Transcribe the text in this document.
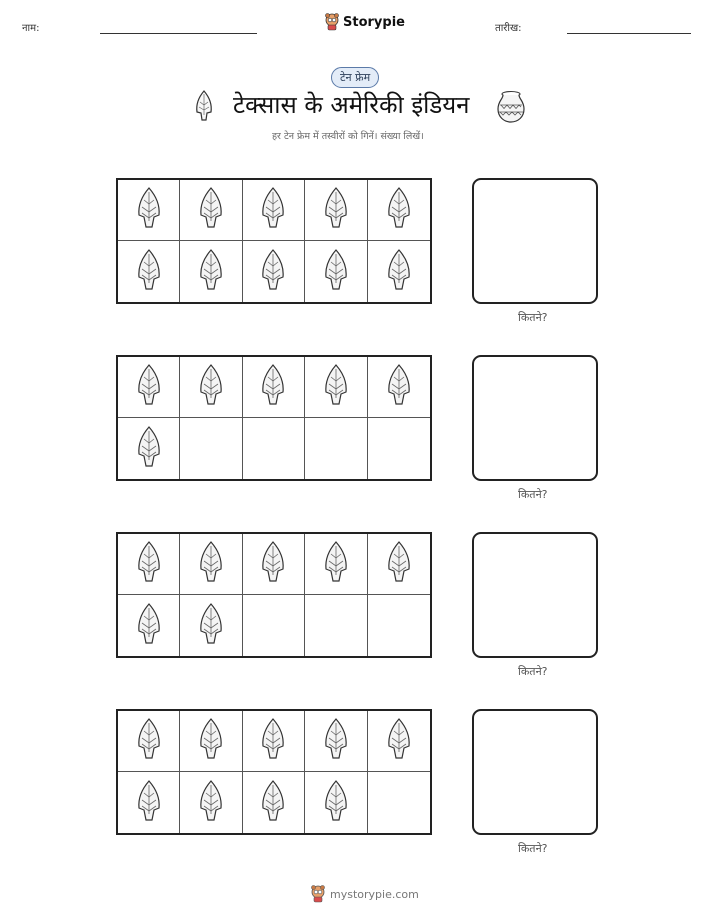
नाम:	Storypie	तारीख:
टेन फ्रेम
टेक्सास के अमेरिकी इंडियन
हर टेन फ्रेम में तस्वीरों को गिनें। संख्या लिखें।
कितने?
कितने?
कितने?
कितने?
mystorypie.com
